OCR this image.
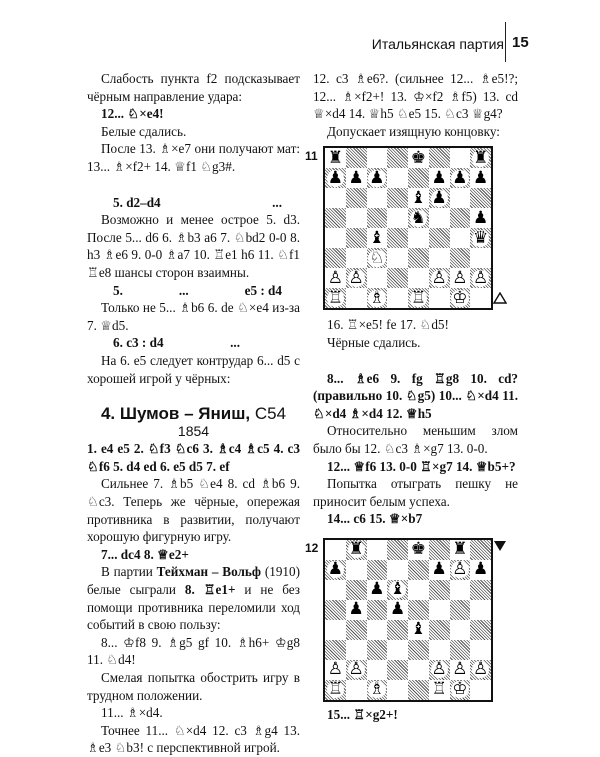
Итальянская партия 15

Слабость пункта f2 подсказывает чёрным направление удара:

12... ♘×e4!

Белые сдались.

После 13. ♗×e7 они получают мат: 13... ♗×f2+ 14. ♕f1 ♘g3#.

5. d2–d4	...

Возможно и менее острое 5. d3. После 5... d6 6. ♗b3 a6 7. ♘bd2 0-0 8. h3 ♗e6 9. 0-0 ♗a7 10. ♖e1 h6 11. ♘f1 ♖e8 шансы сторон взаимны.

5.	...	e5 : d4

Только не 5... ♗b6 6. de ♘×e4 из-за 7. ♕d5.

6. c3 : d4	...

На 6. e5 следует контрудар 6... d5 с хорошей игрой у чёрных:

4. Шумов – Яниш, C54

1854

1. e4 e5 2. ♘f3 ♘c6 3. ♗c4 ♗c5 4. c3 ♘f6 5. d4 ed 6. e5 d5 7. ef

Сильнее 7. ♗b5 ♘e4 8. cd ♗b6 9. ♘c3. Теперь же чёрные, опережая противника в развитии, получают хорошую фигурную игру.

7... dc4 8. ♕e2+

В партии Тейхман – Вольф (1910) белые сыграли 8. ♖e1+ и не без помощи противника переломили ход событий в свою пользу:

8... ♔f8 9. ♗g5 gf 10. ♗h6+ ♔g8 11. ♘d4!

Смелая попытка обострить игру в трудном положении.

11... ♗×d4.

Точнее 11... ♘×d4 12. c3 ♗g4 13. ♗e3 ♘b3! с перспективной игрой.

12. c3 ♗e6?. (сильнее 12... ♗e5!?; 12... ♗×f2+! 13. ♔×f2 ♗f5) 13. cd ♕×d4 14. ♕h5 ♘e5 15. ♘c3 ♕g4?

Допускает изящную концовку:

11 ♜	♚	♜
♟ ♟ ♟	♟ ♟ ♟
♝ ♟
♞	♟
♝	♛
♘
♙ ♙	♙ ♙ ♙
♖ ♗ ♖ ♔

16. ♖×e5! fe 17. ♘d5!

Чёрные сдались.

8... ♗e6 9. fg ♖g8 10. cd? (правильно 10. ♘g5) 10... ♘×d4 11. ♘×d4 ♗×d4 12. ♕h5

Относительно меньшим злом было бы 12. ♘c3 ♗×g7 13. 0-0.

12... ♕f6 13. 0-0 ♖×g7 14. ♕b5+?

Попытка отыграть пешку не приносит белым успеха.

14... c6 15. ♕×b7

12 ♜	♚ ♜
♟	♟ ♙ ♟
♟ ♝
♟ ♟
♝
♙ ♙	♙ ♙ ♙
♖ ♗	♖ ♔

15... ♖×g2+!
